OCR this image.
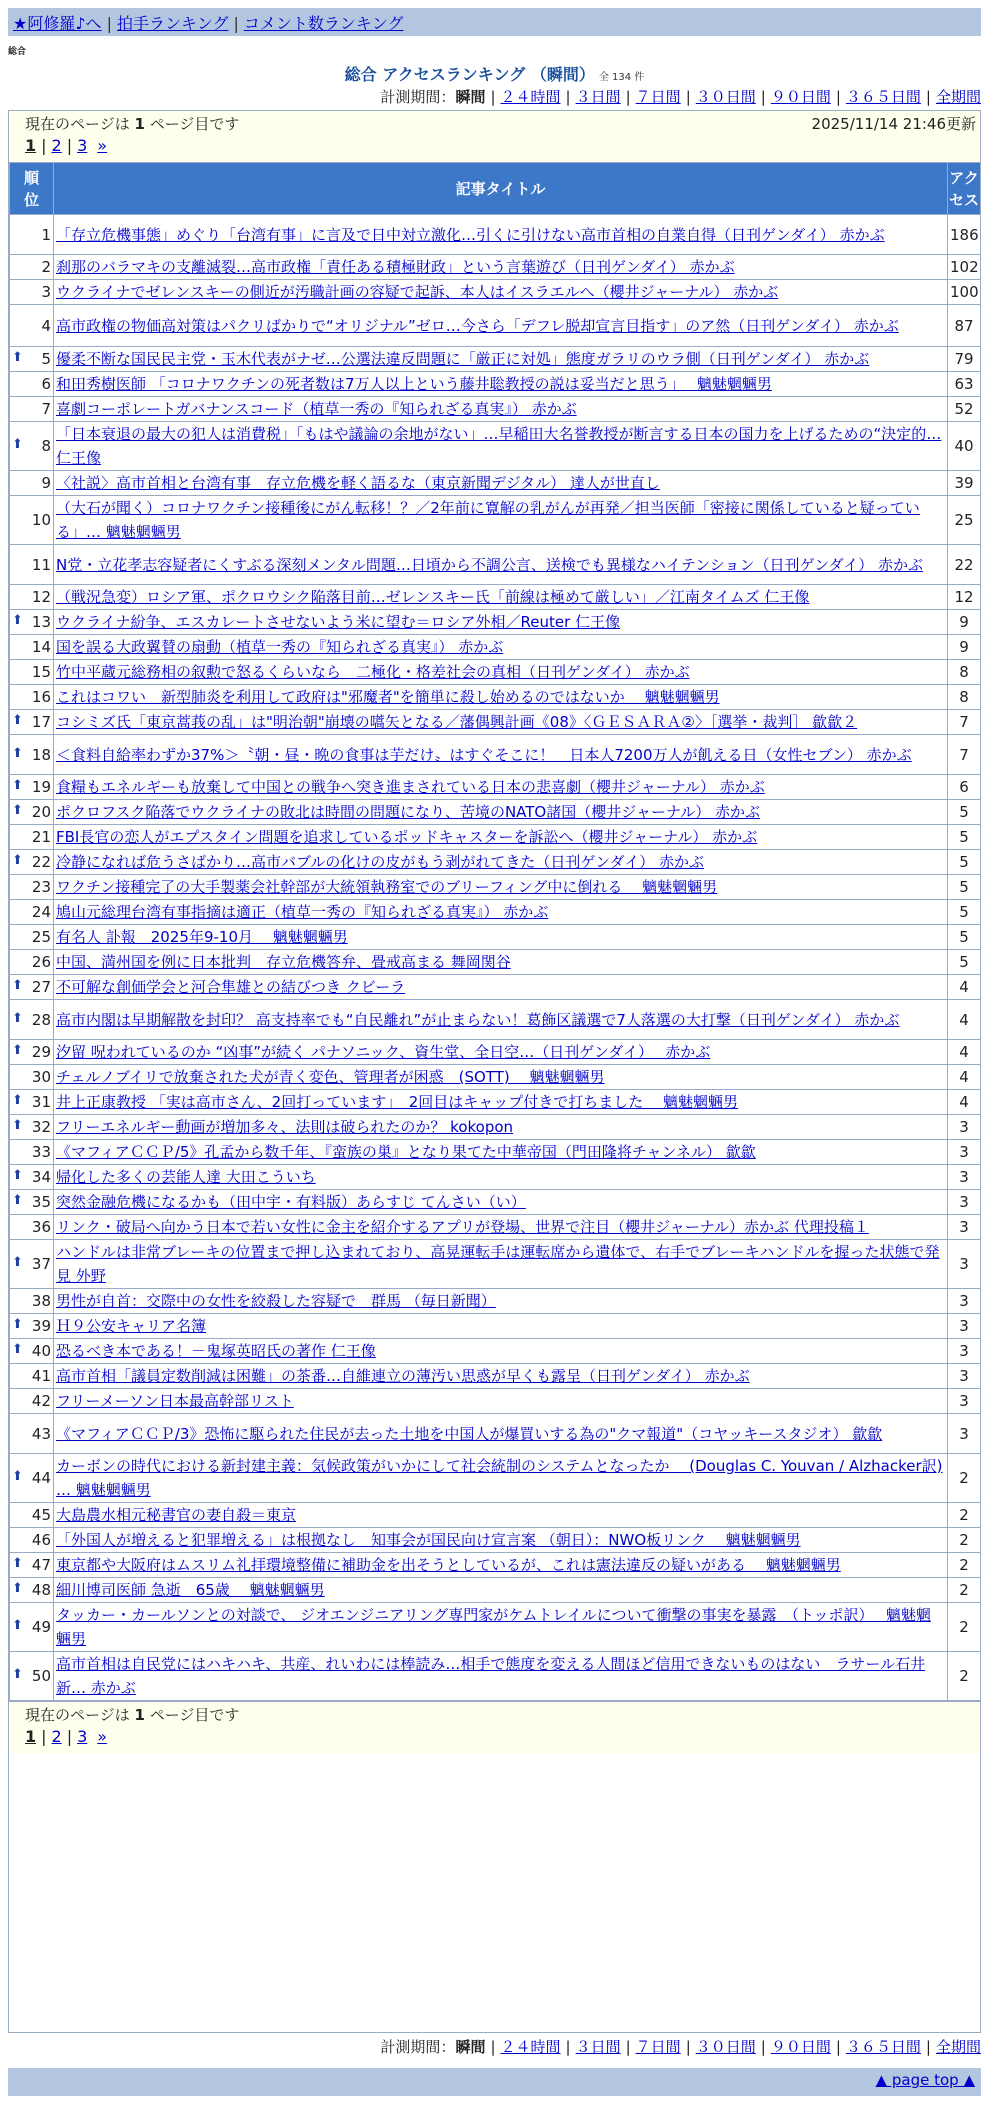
★阿修羅♪へ | 拍手ランキング | コメント数ランキング
総合
総合 アクセスランキング （瞬間） 全 134 件
計測期間：瞬間 | ２４時間 | ３日間 | ７日間 | ３０日間 | ９０日間 | ３６５日間 | 全期間
現在のページは 1 ページ目です	2025/11/14 21:46更新
1 | 2 | 3 »
順位	記事タイトル	アクセス
1	「存立危機事態」めぐり「台湾有事」に言及で日中対立激化…引くに引けない高市首相の自業自得（日刊ゲンダイ） 赤かぶ	186
2	刹那のバラマキの支離滅裂…高市政権「責任ある積極財政」という言葉遊び（日刊ゲンダイ） 赤かぶ	102
3	ウクライナでゼレンスキーの側近が汚職計画の容疑で起訴、本人はイスラエルへ（櫻井ジャーナル） 赤かぶ	100
4	高市政権の物価高対策はパクリばかりで“オリジナル”ゼロ…今さら「デフレ脱却宣言目指す」のア然（日刊ゲンダイ） 赤かぶ	87

⬆ 5	優柔不断な国民民主党・玉木代表がナゼ…公選法違反問題に「厳正に対処」態度ガラリのウラ側（日刊ゲンダイ） 赤かぶ	79
6	和田秀樹医師 「コロナワクチンの死者数は7万人以上という藤井聡教授の説は妥当だと思う」　 魑魅魍魎男	63
7	喜劇コーポレートガバナンスコード（植草一秀の『知られざる真実』） 赤かぶ	52

⬆ 8	「日本衰退の最大の犯人は消費税」「もはや議論の余地がない」…早稲田大名誉教授が断言する日本の国力を上げるための“決定的… 仁王像	40
9	〈社説〉高市首相と台湾有事　存立危機を軽く語るな（東京新聞デジタル） 達人が世直し	39
10	（大石が聞く）コロナワクチン接種後にがん転移！？／2年前に寛解の乳がんが再発／担当医師「密接に関係していると疑っている」… 魑魅魍魎男	25
11	N党・立花孝志容疑者にくすぶる深刻メンタル問題…日頃から不調公言、送検でも異様なハイテンション（日刊ゲンダイ） 赤かぶ	22
12	（戦況急変）ロシア軍、ポクロウシク陥落目前…ゼレンスキー氏「前線は極めて厳しい」／江南タイムズ 仁王像	12

⬆ 13	ウクライナ紛争、エスカレートさせないよう米に望む＝ロシア外相／Reuter 仁王像	9
14	国を誤る大政翼賛の扇動（植草一秀の『知られざる真実』） 赤かぶ	9
15	竹中平蔵元総務相の叙勲で怒るくらいなら　二極化・格差社会の真相（日刊ゲンダイ） 赤かぶ	8
16	これはコワい　新型肺炎を利用して政府は"邪魔者"を簡単に殺し始めるのではないか　 魑魅魍魎男	8

⬆ 17	コシミズ氏「東京蒿莪の乱」は"明治朝"崩壊の嚆矢となる／藩偶興計画《08》〈ＧＥＳＡＲＡ②〉［選挙・裁判］ 歙歙２	7

⬆ 18	＜食料自給率わずか37%＞〝朝・昼・晩の食事は芋だけ〟はすぐそこに！　日本人7200万人が飢える日（女性セブン） 赤かぶ	7

⬆ 19	食糧もエネルギーも放棄して中国との戦争へ突き進まされている日本の悲喜劇（櫻井ジャーナル） 赤かぶ	6

⬆ 20	ポクロフスク陥落でウクライナの敗北は時間の問題になり、苦境のNATO諸国（櫻井ジャーナル） 赤かぶ	5
21	FBI長官の恋人がエプスタイン問題を追求しているポッドキャスターを訴訟へ（櫻井ジャーナル） 赤かぶ	5

⬆ 22	冷静になれば危うさばかり…高市バブルの化けの皮がもう剥がれてきた（日刊ゲンダイ） 赤かぶ	5
23	ワクチン接種完了の大手製薬会社幹部が大統領執務室でのブリーフィング中に倒れる　 魑魅魍魎男	5
24	鳩山元総理台湾有事指摘は適正（植草一秀の『知られざる真実』） 赤かぶ	5
25	有名人 訃報　2025年9-10月　 魑魅魍魎男	5
26	中国、満州国を例に日本批判　存立危機答弁、畳戒高まる 舞岡関谷	5

⬆ 27	不可解な創価学会と河合隼雄との結びつき クビーラ	4

⬆ 28	高市内閣は早期解散を封印？ 高支持率でも“自民離れ”が止まらない！葛飾区議選で7人落選の大打撃（日刊ゲンダイ） 赤かぶ	4

⬆ 29	汐留 呪われているのか “凶事”が続く パナソニック、資生堂、全日空…（日刊ゲンダイ）　 赤かぶ	4
30	チェルノブイリで放棄された犬が青く変色、管理者が困惑　(SOTT)　 魑魅魍魎男	4

⬆ 31	井上正康教授 「実は高市さん、2回打っています」　2回目はキャップ付きで打ちました　 魑魅魍魎男	4

⬆ 32	フリーエネルギー動画が増加多々、法則は破られたのか？ kokopon	3
33	《マフィアＣＣＰ/5》孔孟から数千年、『蛮族の巣』となり果てた中華帝国（門田隆将チャンネル） 歙歙	3

⬆ 34	帰化した多くの芸能人達 大田こういち	3

⬆ 35	突然金融危機になるかも（田中宇・有料版）あらすじ てんさい（い）	3
36	リンク・破局へ向かう日本で若い女性に金主を紹介するアプリが登場、世界で注目（櫻井ジャーナル）赤かぶ 代理投稿１	3

⬆ 37	ハンドルは非常ブレーキの位置まで押し込まれており、高晃運転手は運転席から遺体で、右手でブレーキハンドルを握った状態で発見 外野	3
38	男性が自首：交際中の女性を絞殺した容疑で　群馬 （毎日新聞）	3

⬆ 39	Ｈ９公安キャリア名簿	3

⬆ 40	恐るべき本である！－鬼塚英昭氏の著作 仁王像	3
41	高市首相「議員定数削減は困難」の茶番…自維連立の薄汚い思惑が早くも露呈（日刊ゲンダイ） 赤かぶ	3
42	フリーメーソン日本最高幹部リスト	3
43	《マフィアＣＣＰ/3》恐怖に駆られた住民が去った土地を中国人が爆買いする為の"クマ報道"（コヤッキースタジオ） 歙歙	3

⬆ 44	カーボンの時代における新封建主義：気候政策がいかにして社会統制のシステムとなったか　 (Douglas C. Youvan / Alzhacker訳) … 魑魅魍魎男	2
45	大島農水相元秘書官の妻自殺＝東京	2
46	「外国人が増えると犯罪増える」は根拠なし　知事会が国民向け宣言案 （朝日）：NWO板リンク　 魑魅魍魎男	2

⬆ 47	東京都や大阪府はムスリム礼拝環境整備に補助金を出そうとしているが、これは憲法違反の疑いがある　 魑魅魍魎男	2

⬆ 48	細川博司医師 急逝　65歳　 魑魅魍魎男	2

⬆ 49	タッカー・カールソンとの対談で、 ジオエンジニアリング専門家がケムトレイルについて衝撃の事実を暴露　（トッポ訳）　 魑魅魍魎男	2

⬆ 50	高市首相は自民党にはハキハキ、共産、れいわには棒読み…相手で態度を変える人間ほど信用できないものはない　ラサール石井 新… 赤かぶ	2
現在のページは 1 ページ目です
1 | 2 | 3 »
計測期間：瞬間 | ２４時間 | ３日間 | ７日間 | ３０日間 | ９０日間 | ３６５日間 | 全期間
▲ page top ▲
